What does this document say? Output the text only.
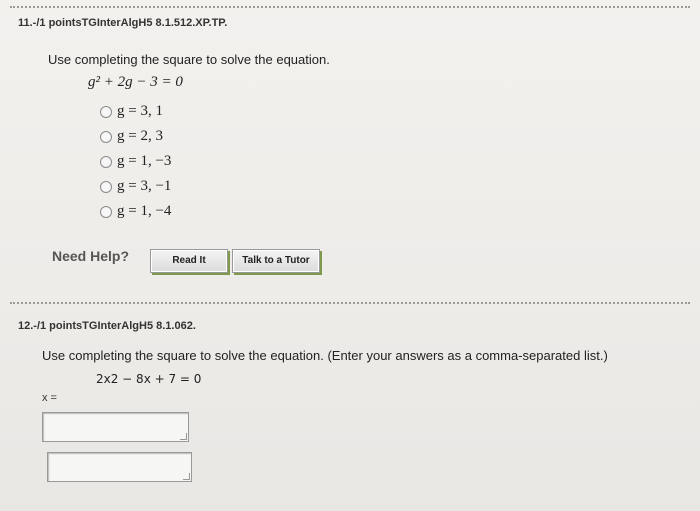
11.-/1 pointsTGInterAlgH5 8.1.512.XP.TP.
Use completing the square to solve the equation.
g² + 2g − 3 = 0
g = 3, 1
g = 2, 3
g = 1, −3
g = 3, −1
g = 1, −4
Need Help?	Read It	Talk to a Tutor
12.-/1 pointsTGInterAlgH5 8.1.062.
Use completing the square to solve the equation. (Enter your answers as a comma-separated list.)
2x2 − 8x + 7 = 0
x =
